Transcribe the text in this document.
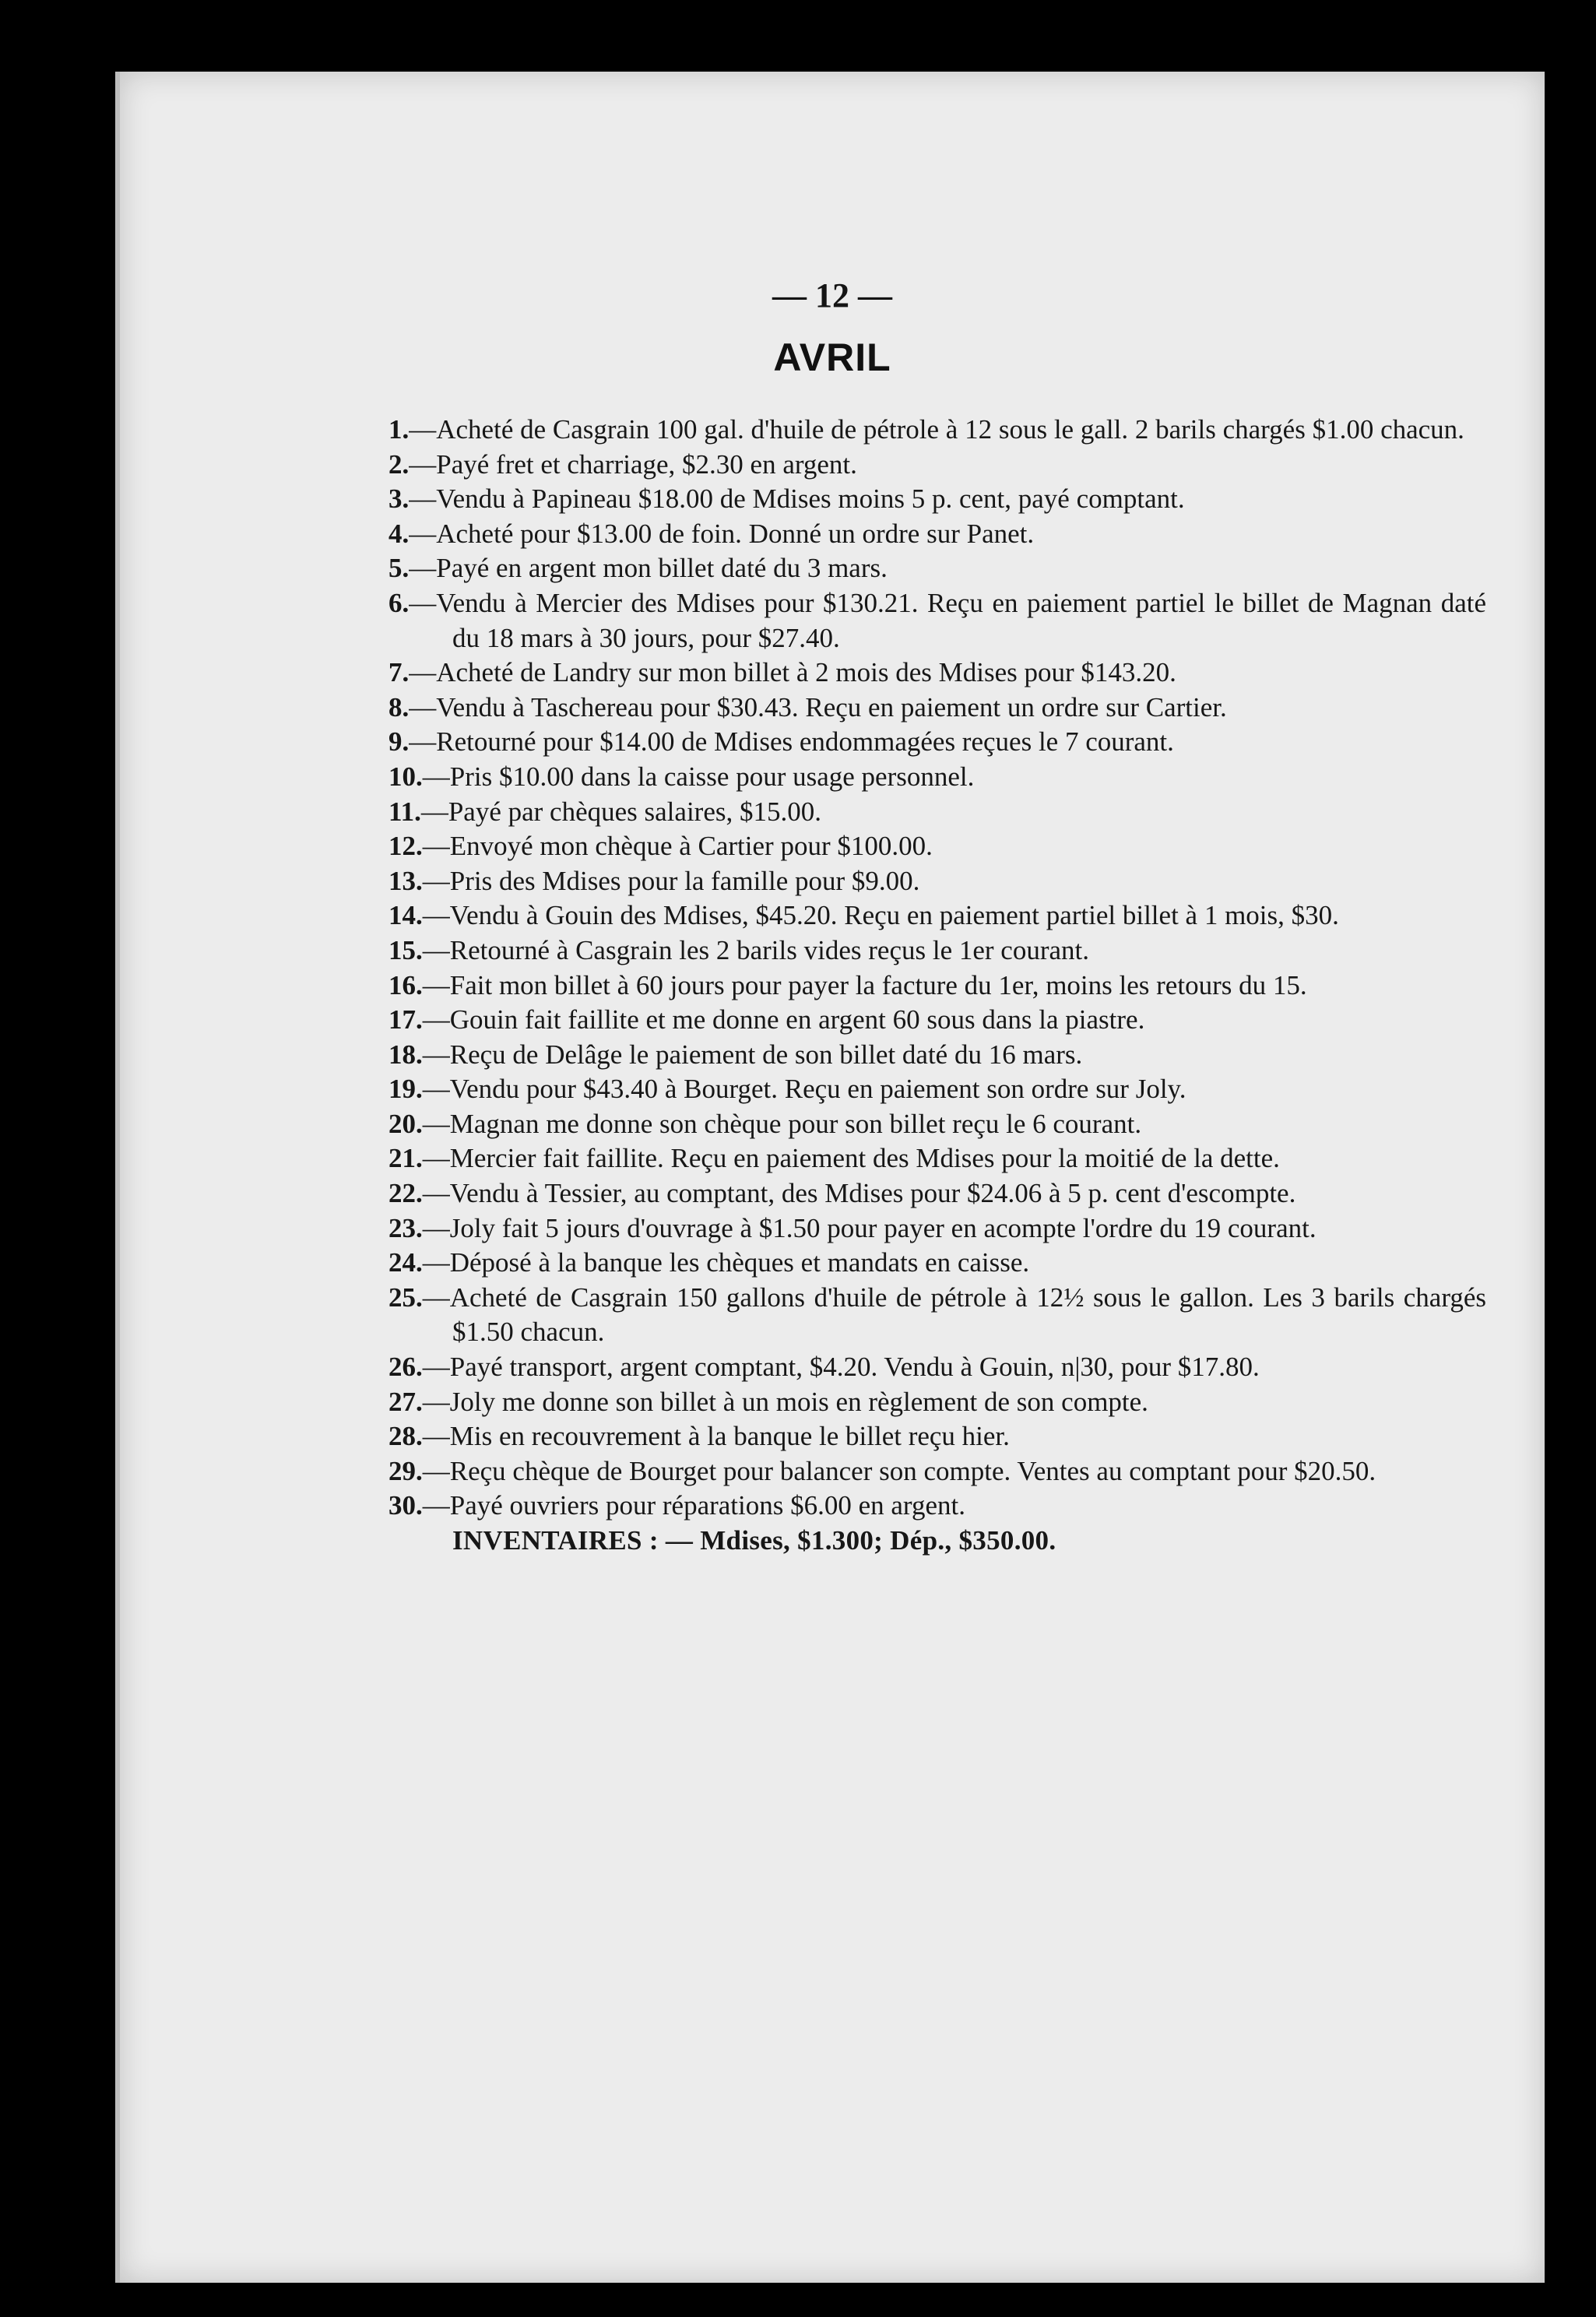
— 12 —
AVRIL
1.—Acheté de Casgrain 100 gal. d'huile de pétrole à 12 sous le gall. 2 barils chargés $1.00 chacun.
2.—Payé fret et charriage, $2.30 en argent.
3.—Vendu à Papineau $18.00 de Mdises moins 5 p. cent, payé comptant.
4.—Acheté pour $13.00 de foin. Donné un ordre sur Panet.
5.—Payé en argent mon billet daté du 3 mars.
6.—Vendu à Mercier des Mdises pour $130.21. Reçu en paiement partiel le billet de Magnan daté du 18 mars à 30 jours, pour $27.40.
7.—Acheté de Landry sur mon billet à 2 mois des Mdises pour $143.20.
8.—Vendu à Taschereau pour $30.43. Reçu en paiement un ordre sur Cartier.
9.—Retourné pour $14.00 de Mdises endommagées reçues le 7 courant.
10.—Pris $10.00 dans la caisse pour usage personnel.
11.—Payé par chèques salaires, $15.00.
12.—Envoyé mon chèque à Cartier pour $100.00.
13.—Pris des Mdises pour la famille pour $9.00.
14.—Vendu à Gouin des Mdises, $45.20. Reçu en paiement partiel billet à 1 mois, $30.
15.—Retourné à Casgrain les 2 barils vides reçus le 1er courant.
16.—Fait mon billet à 60 jours pour payer la facture du 1er, moins les retours du 15.
17.—Gouin fait faillite et me donne en argent 60 sous dans la piastre.
18.—Reçu de Delâge le paiement de son billet daté du 16 mars.
19.—Vendu pour $43.40 à Bourget. Reçu en paiement son ordre sur Joly.
20.—Magnan me donne son chèque pour son billet reçu le 6 courant.
21.—Mercier fait faillite. Reçu en paiement des Mdises pour la moitié de la dette.
22.—Vendu à Tessier, au comptant, des Mdises pour $24.06 à 5 p. cent d'escompte.
23.—Joly fait 5 jours d'ouvrage à $1.50 pour payer en acompte l'ordre du 19 courant.
24.—Déposé à la banque les chèques et mandats en caisse.
25.—Acheté de Casgrain 150 gallons d'huile de pétrole à 12½ sous le gallon. Les 3 barils chargés $1.50 chacun.
26.—Payé transport, argent comptant, $4.20. Vendu à Gouin, n|30, pour $17.80.
27.—Joly me donne son billet à un mois en règlement de son compte.
28.—Mis en recouvrement à la banque le billet reçu hier.
29.—Reçu chèque de Bourget pour balancer son compte. Ventes au comptant pour $20.50.
30.—Payé ouvriers pour réparations $6.00 en argent.
INVENTAIRES : — Mdises, $1.300; Dép., $350.00.
